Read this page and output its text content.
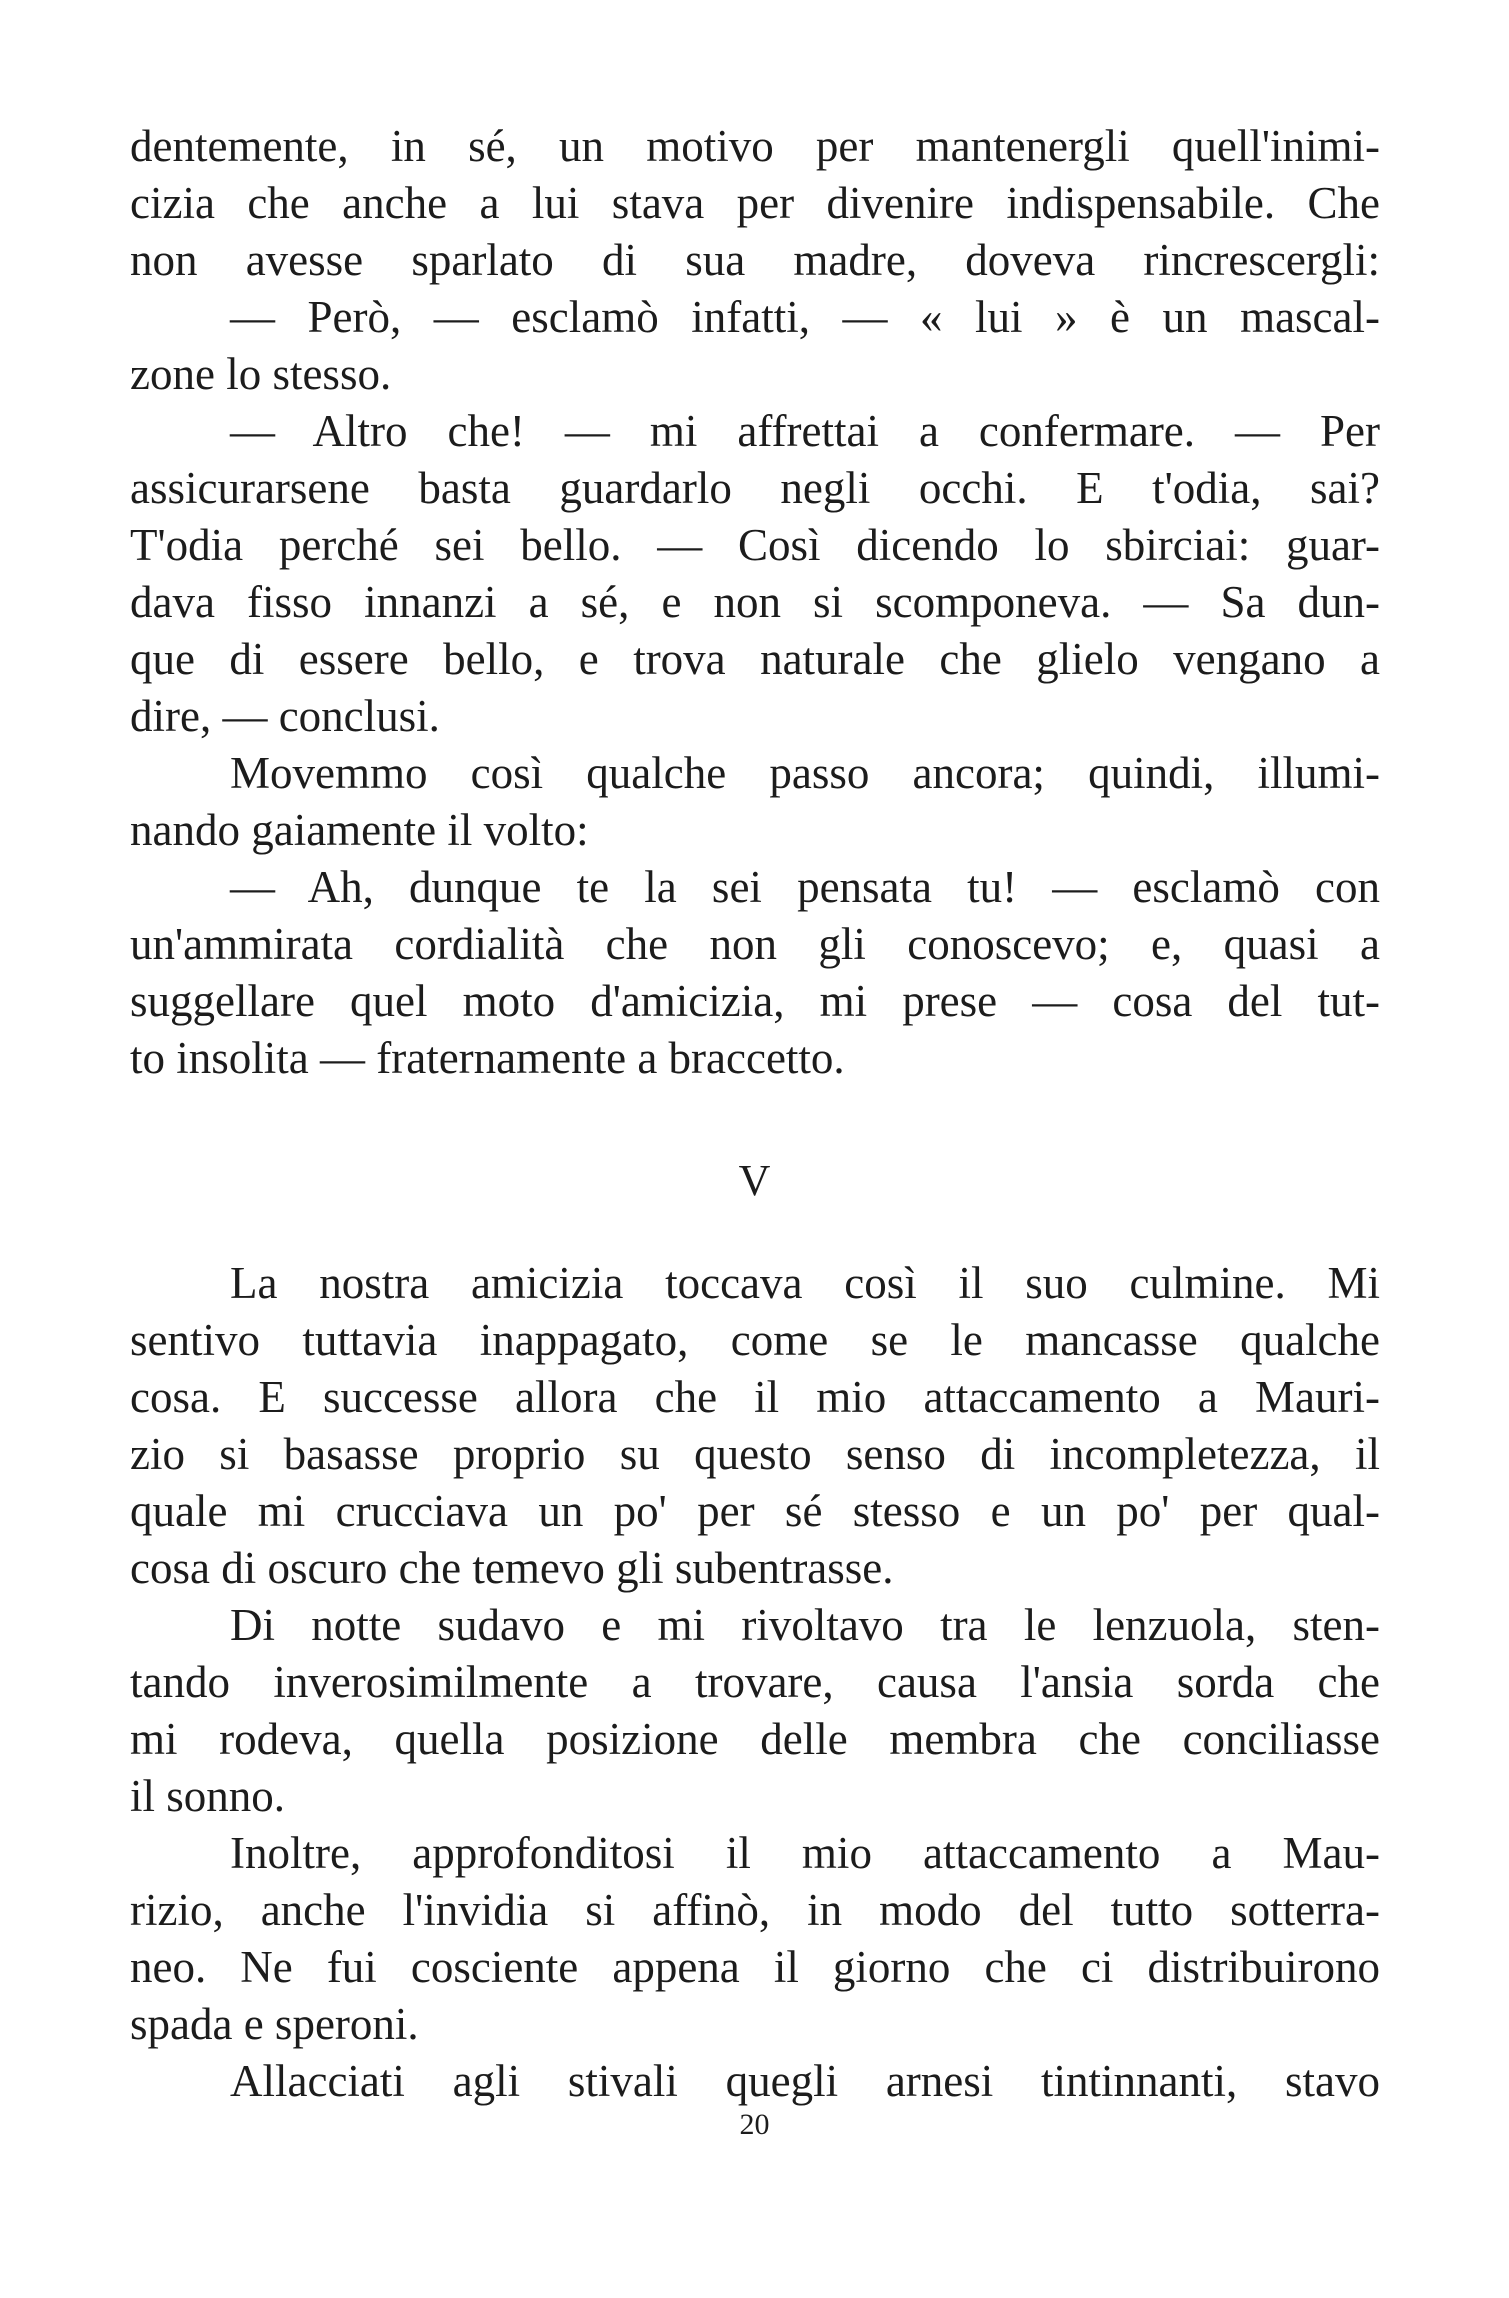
dentemente, in sé, un motivo per mantenergli quell'inimi-
cizia che anche a lui stava per divenire indispensabile. Che
non avesse sparlato di sua madre, doveva rincrescergli:
— Però, — esclamò infatti, — « lui » è un mascal-
zone lo stesso.
— Altro che! — mi affrettai a confermare. — Per
assicurarsene basta guardarlo negli occhi. E t'odia, sai?
T'odia perché sei bello. — Così dicendo lo sbirciai: guar-
dava fisso innanzi a sé, e non si scomponeva. — Sa dun-
que di essere bello, e trova naturale che glielo vengano a
dire, — conclusi.
Movemmo così qualche passo ancora; quindi, illumi-
nando gaiamente il volto:
— Ah, dunque te la sei pensata tu! — esclamò con
un'ammirata cordialità che non gli conoscevo; e, quasi a
suggellare quel moto d'amicizia, mi prese — cosa del tut-
to insolita — fraternamente a braccetto.
V
La nostra amicizia toccava così il suo culmine. Mi
sentivo tuttavia inappagato, come se le mancasse qualche
cosa. E successe allora che il mio attaccamento a Mauri-
zio si basasse proprio su questo senso di incompletezza, il
quale mi crucciava un po' per sé stesso e un po' per qual-
cosa di oscuro che temevo gli subentrasse.
Di notte sudavo e mi rivoltavo tra le lenzuola, sten-
tando inverosimilmente a trovare, causa l'ansia sorda che
mi rodeva, quella posizione delle membra che conciliasse
il sonno.
Inoltre, approfonditosi il mio attaccamento a Mau-
rizio, anche l'invidia si affinò, in modo del tutto sotterra-
neo. Ne fui cosciente appena il giorno che ci distribuirono
spada e speroni.
Allacciati agli stivali quegli arnesi tintinnanti, stavo
20
